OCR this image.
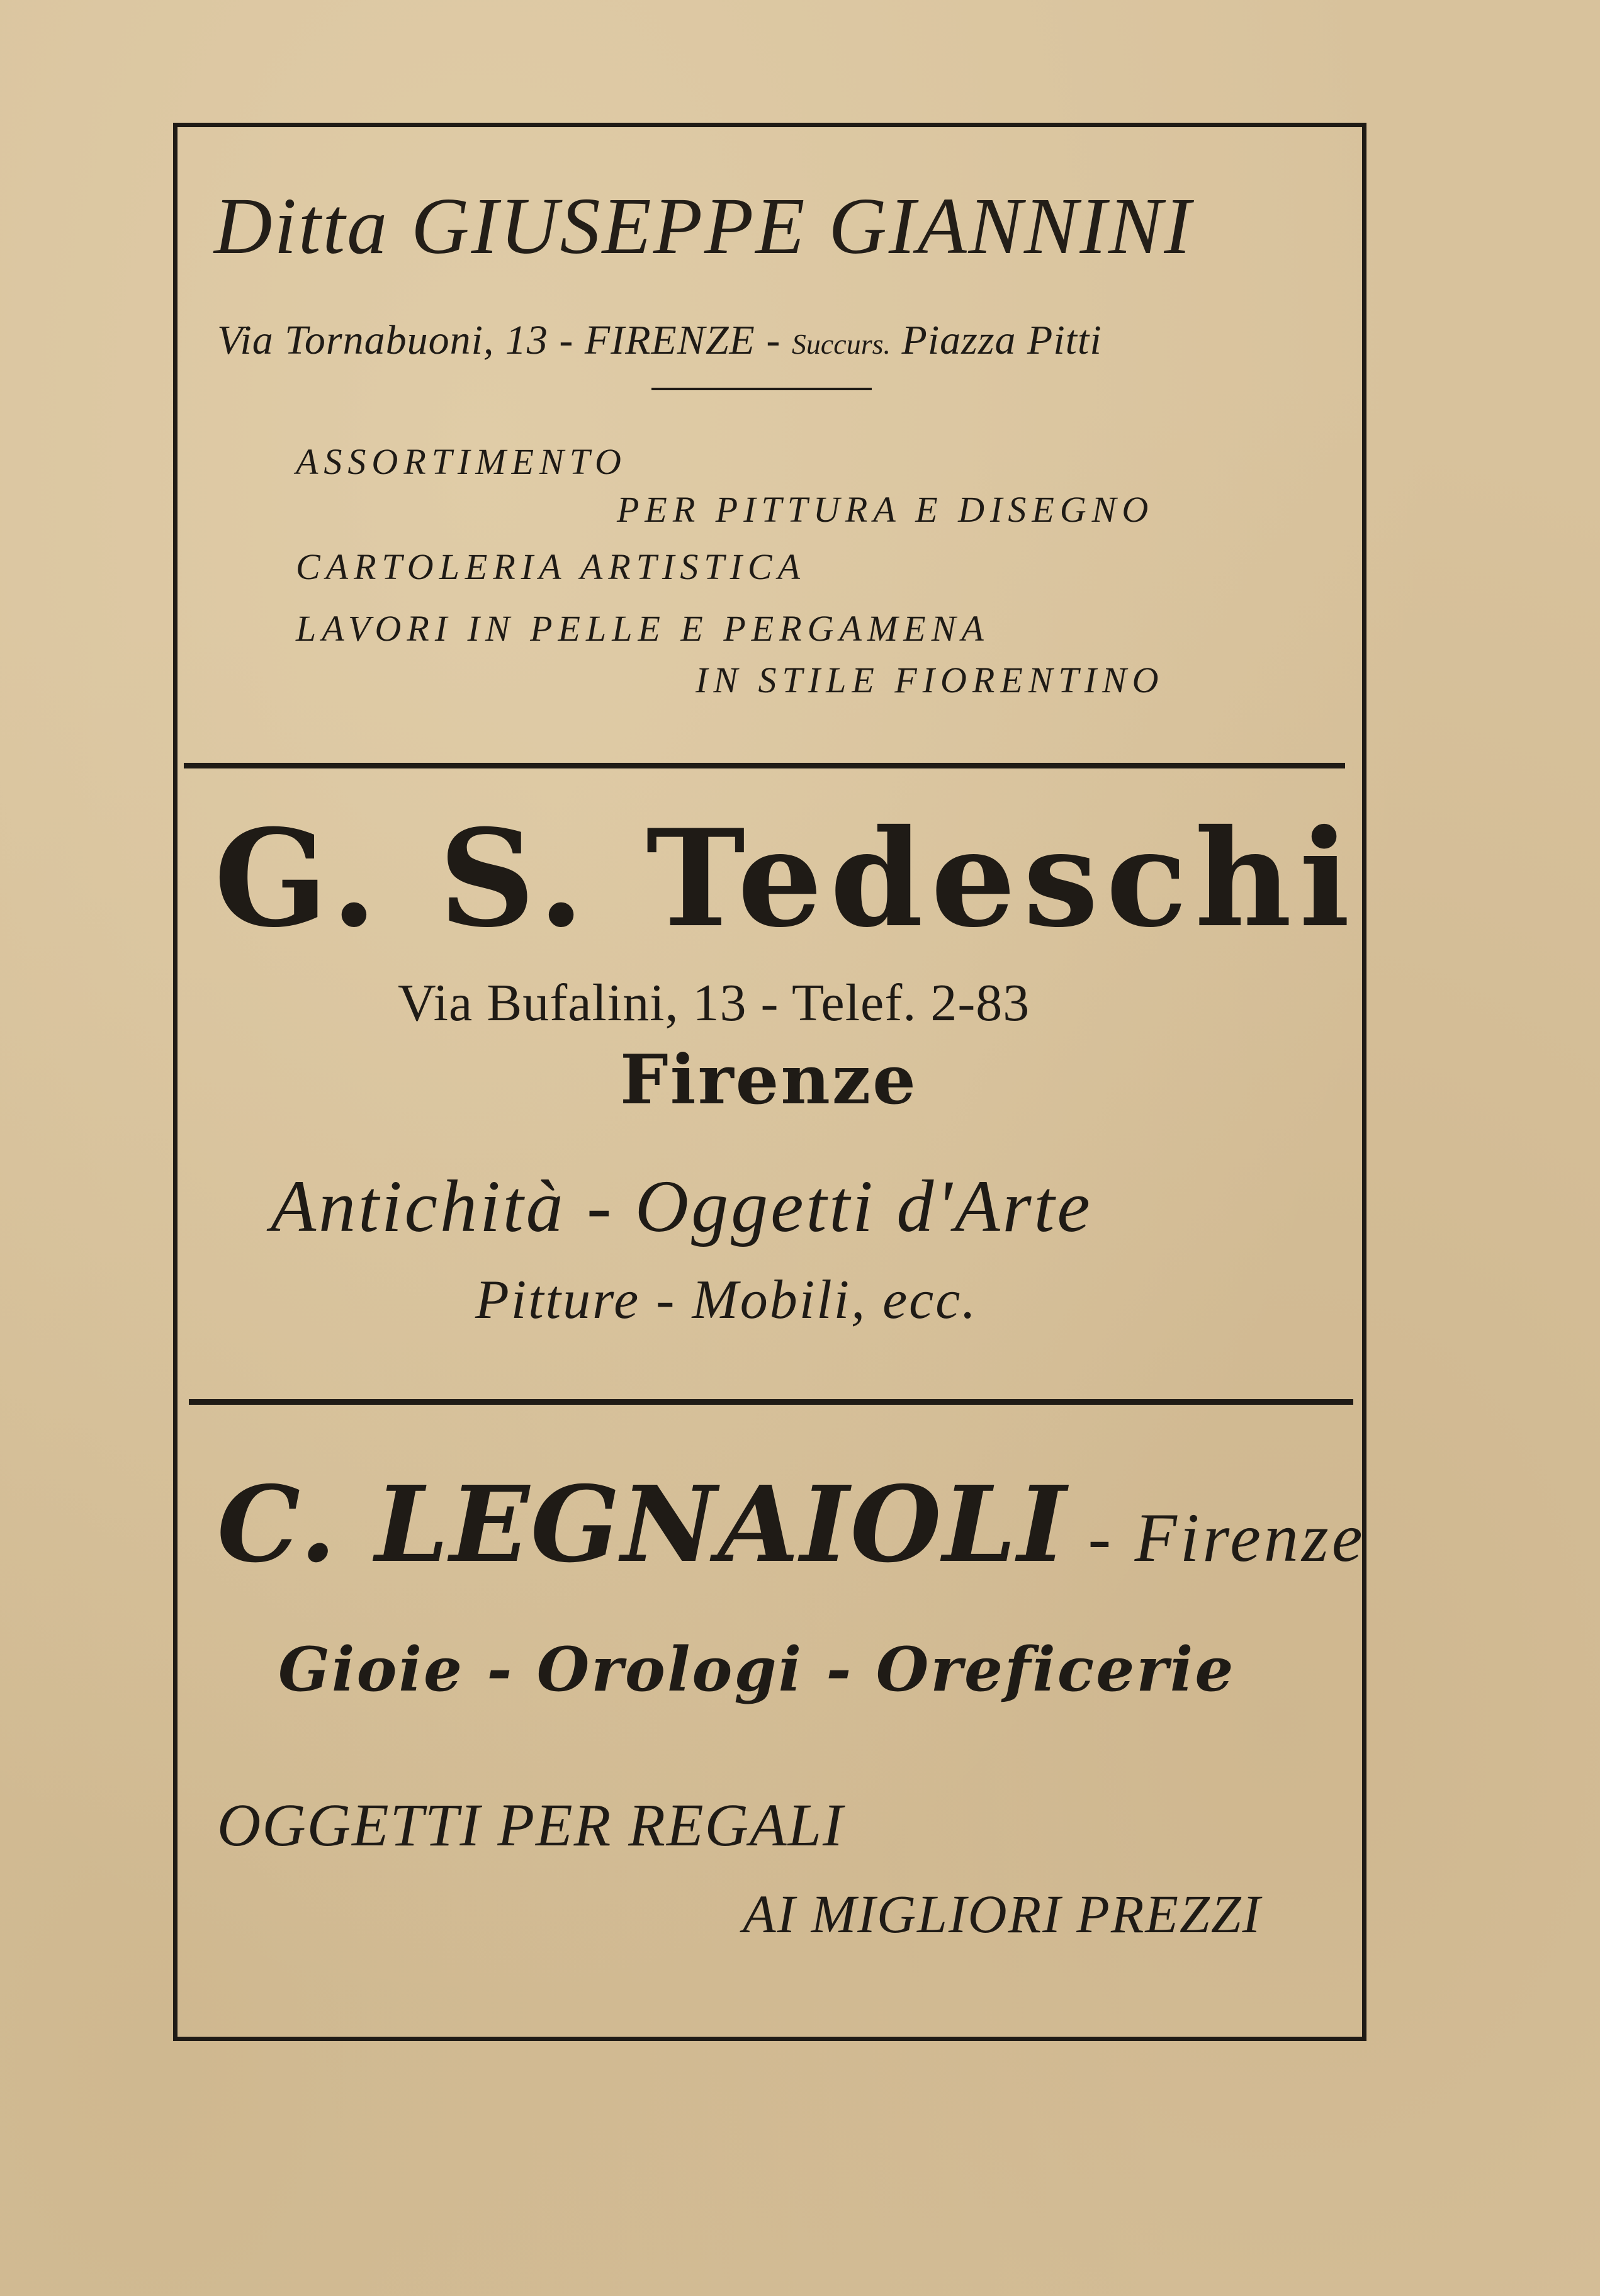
Ditta GIUSEPPE GIANNINI
Via Tornabuoni, 13 - FIRENZE - Succurs. Piazza Pitti
ASSORTIMENTO
PER PITTURA E DISEGNO
CARTOLERIA ARTISTICA
LAVORI IN PELLE E PERGAMENA
IN STILE FIORENTINO
G. S. Tedeschi
Via Bufalini, 13 - Telef. 2-83
Firenze
Antichità - Oggetti d'Arte
Pitture - Mobili, ecc.
C. LEGNAIOLI - Firenze
Gioie - Orologi - Oreficerie
OGGETTI PER REGALI
AI MIGLIORI PREZZI
